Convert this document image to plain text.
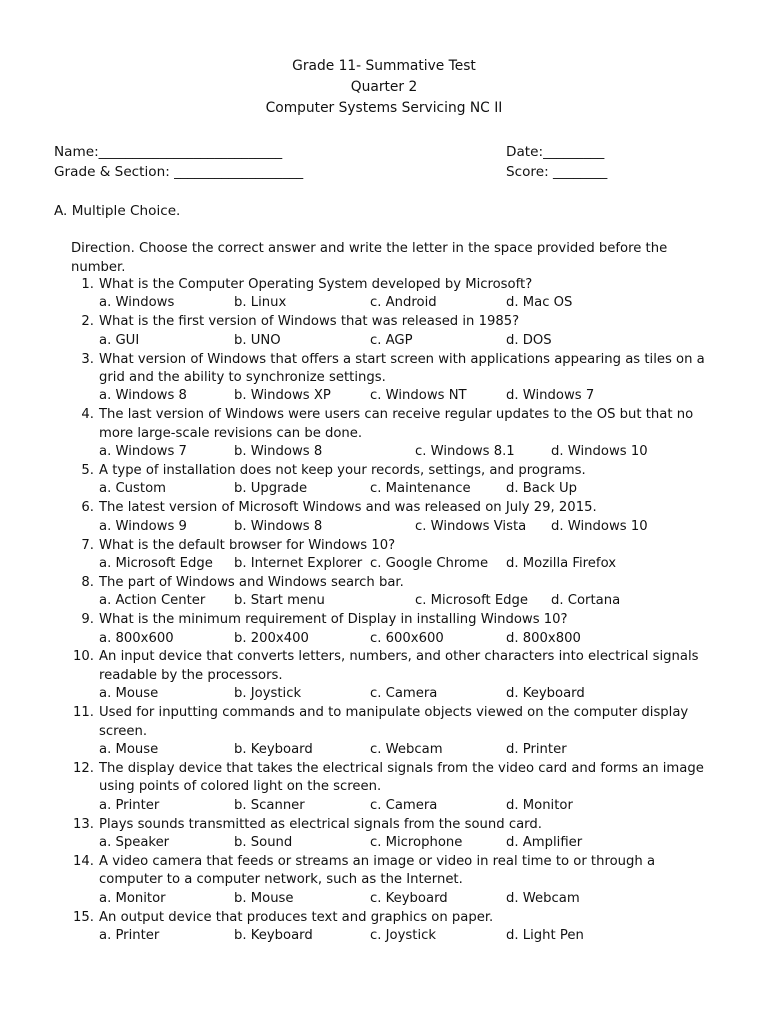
Grade 11- Summative Test
Quarter 2
Computer Systems Servicing NC II
Name:___________________________	Date:_________
Grade & Section: ___________________	Score: ________
A. Multiple Choice.
Direction. Choose the correct answer and write the letter in the space provided before the number.
1. What is the Computer Operating System developed by Microsoft?
a. Windows	b. Linux	c. Android	d. Mac OS
2. What is the first version of Windows that was released in 1985?
a. GUI	b. UNO	c. AGP	d. DOS
3. What version of Windows that offers a start screen with applications appearing as tiles on a grid and the ability to synchronize settings.
a. Windows 8	b. Windows XP	c. Windows NT	d. Windows 7
4. The last version of Windows were users can receive regular updates to the OS but that no more large-scale revisions can be done.
a. Windows 7	b. Windows 8	c. Windows 8.1	d. Windows 10
5. A type of installation does not keep your records, settings, and programs.
a. Custom	b. Upgrade	c. Maintenance	d. Back Up
6. The latest version of Microsoft Windows and was released on July 29, 2015.
a. Windows 9	b. Windows 8	c. Windows Vista d. Windows 10
7. What is the default browser for Windows 10?
a. Microsoft Edge b. Internet Explorer c. Google Chrome d. Mozilla Firefox
8. The part of Windows and Windows search bar.
a. Action Center b. Start menu	c. Microsoft Edge d. Cortana
9. What is the minimum requirement of Display in installing Windows 10?
a. 800x600	b. 200x400	c. 600x600	d. 800x800
10. An input device that converts letters, numbers, and other characters into electrical signals readable by the processors.
a. Mouse	b. Joystick	c. Camera	d. Keyboard
11. Used for inputting commands and to manipulate objects viewed on the computer display screen.
a. Mouse	b. Keyboard	c. Webcam	d. Printer
12. The display device that takes the electrical signals from the video card and forms an image using points of colored light on the screen.
a. Printer	b. Scanner	c. Camera	d. Monitor
13. Plays sounds transmitted as electrical signals from the sound card.
a. Speaker	b. Sound	c. Microphone	d. Amplifier
14. A video camera that feeds or streams an image or video in real time to or through a computer to a computer network, such as the Internet.
a. Monitor	b. Mouse	c. Keyboard	d. Webcam
15. An output device that produces text and graphics on paper.
a. Printer	b. Keyboard	c. Joystick	d. Light Pen
